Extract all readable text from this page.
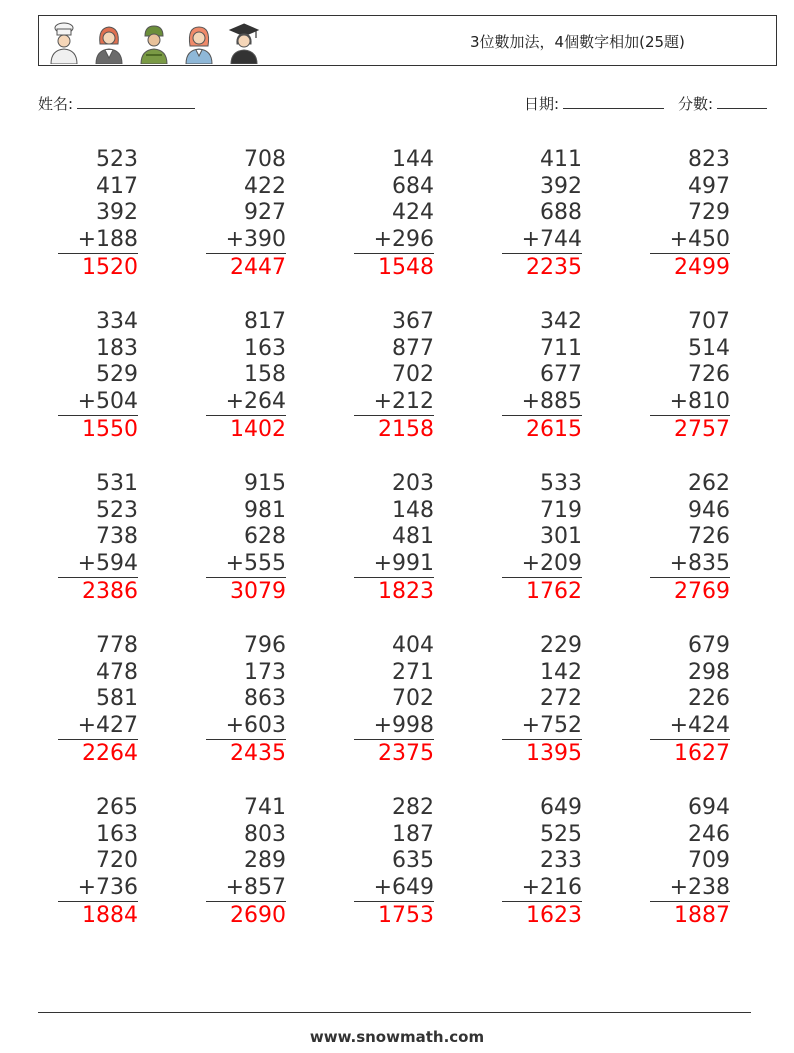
3位數加法，4個數字相加(25題)
姓名:	日期:	分數:
523
417
392
+188
1520
708
422
927
+390
2447
144
684
424
+296
1548
411
392
688
+744
2235
823
497
729
+450
2499
334
183
529
+504
1550
817
163
158
+264
1402
367
877
702
+212
2158
342
711
677
+885
2615
707
514
726
+810
2757
531
523
738
+594
2386
915
981
628
+555
3079
203
148
481
+991
1823
533
719
301
+209
1762
262
946
726
+835
2769
778
478
581
+427
2264
796
173
863
+603
2435
404
271
702
+998
2375
229
142
272
+752
1395
679
298
226
+424
1627
265
163
720
+736
1884
741
803
289
+857
2690
282
187
635
+649
1753
649
525
233
+216
1623
694
246
709
+238
1887
www.snowmath.com
